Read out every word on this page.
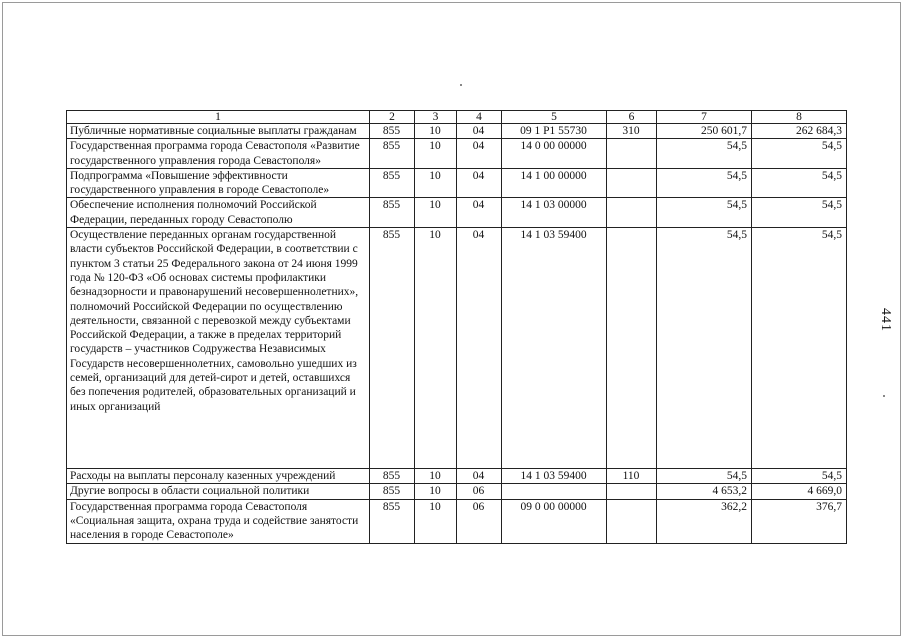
1	2	3	4	5	6	7	8
Публичные нормативные социальные выплаты гражданам	855	10	04	09 1 Р1 55730	310	250 601,7	262 684,3
Государственная программа города Севастополя «Развитие государственного управления города Севастополя»	855	10	04	14 0 00 00000		54,5	54,5
Подпрограмма «Повышение эффективности государственного управления в городе Севастополе»	855	10	04	14 1 00 00000		54,5	54,5
Обеспечение исполнения полномочий Российской Федерации, переданных городу Севастополю	855	10	04	14 1 03 00000		54,5	54,5
Осуществление переданных органам государственной власти субъектов Российской Федерации, в соответствии с пунктом 3 статьи 25 Федерального закона от 24 июня 1999 года № 120-ФЗ «Об основах системы профилактики безнадзорности и правонарушений несовершеннолетних», полномочий Российской Федерации по осуществлению деятельности, связанной с перевозкой между субъектами Российской Федерации, а также в пределах территорий государств – участников Содружества Независимых Государств несовершеннолетних, самовольно ушедших из семей, организаций для детей-сирот и детей, оставшихся без попечения родителей, образовательных организаций и иных организаций	855	10	04	14 1 03 59400		54,5	54,5
Расходы на выплаты персоналу казенных учреждений	855	10	04	14 1 03 59400	110	54,5	54,5
Другие вопросы в области социальной политики	855	10	06			4 653,2	4 669,0
Государственная программа города Севастополя «Социальная защита, охрана труда и содействие занятости населения в городе Севастополе»	855	10	06	09 0 00 00000		362,2	376,7
441
